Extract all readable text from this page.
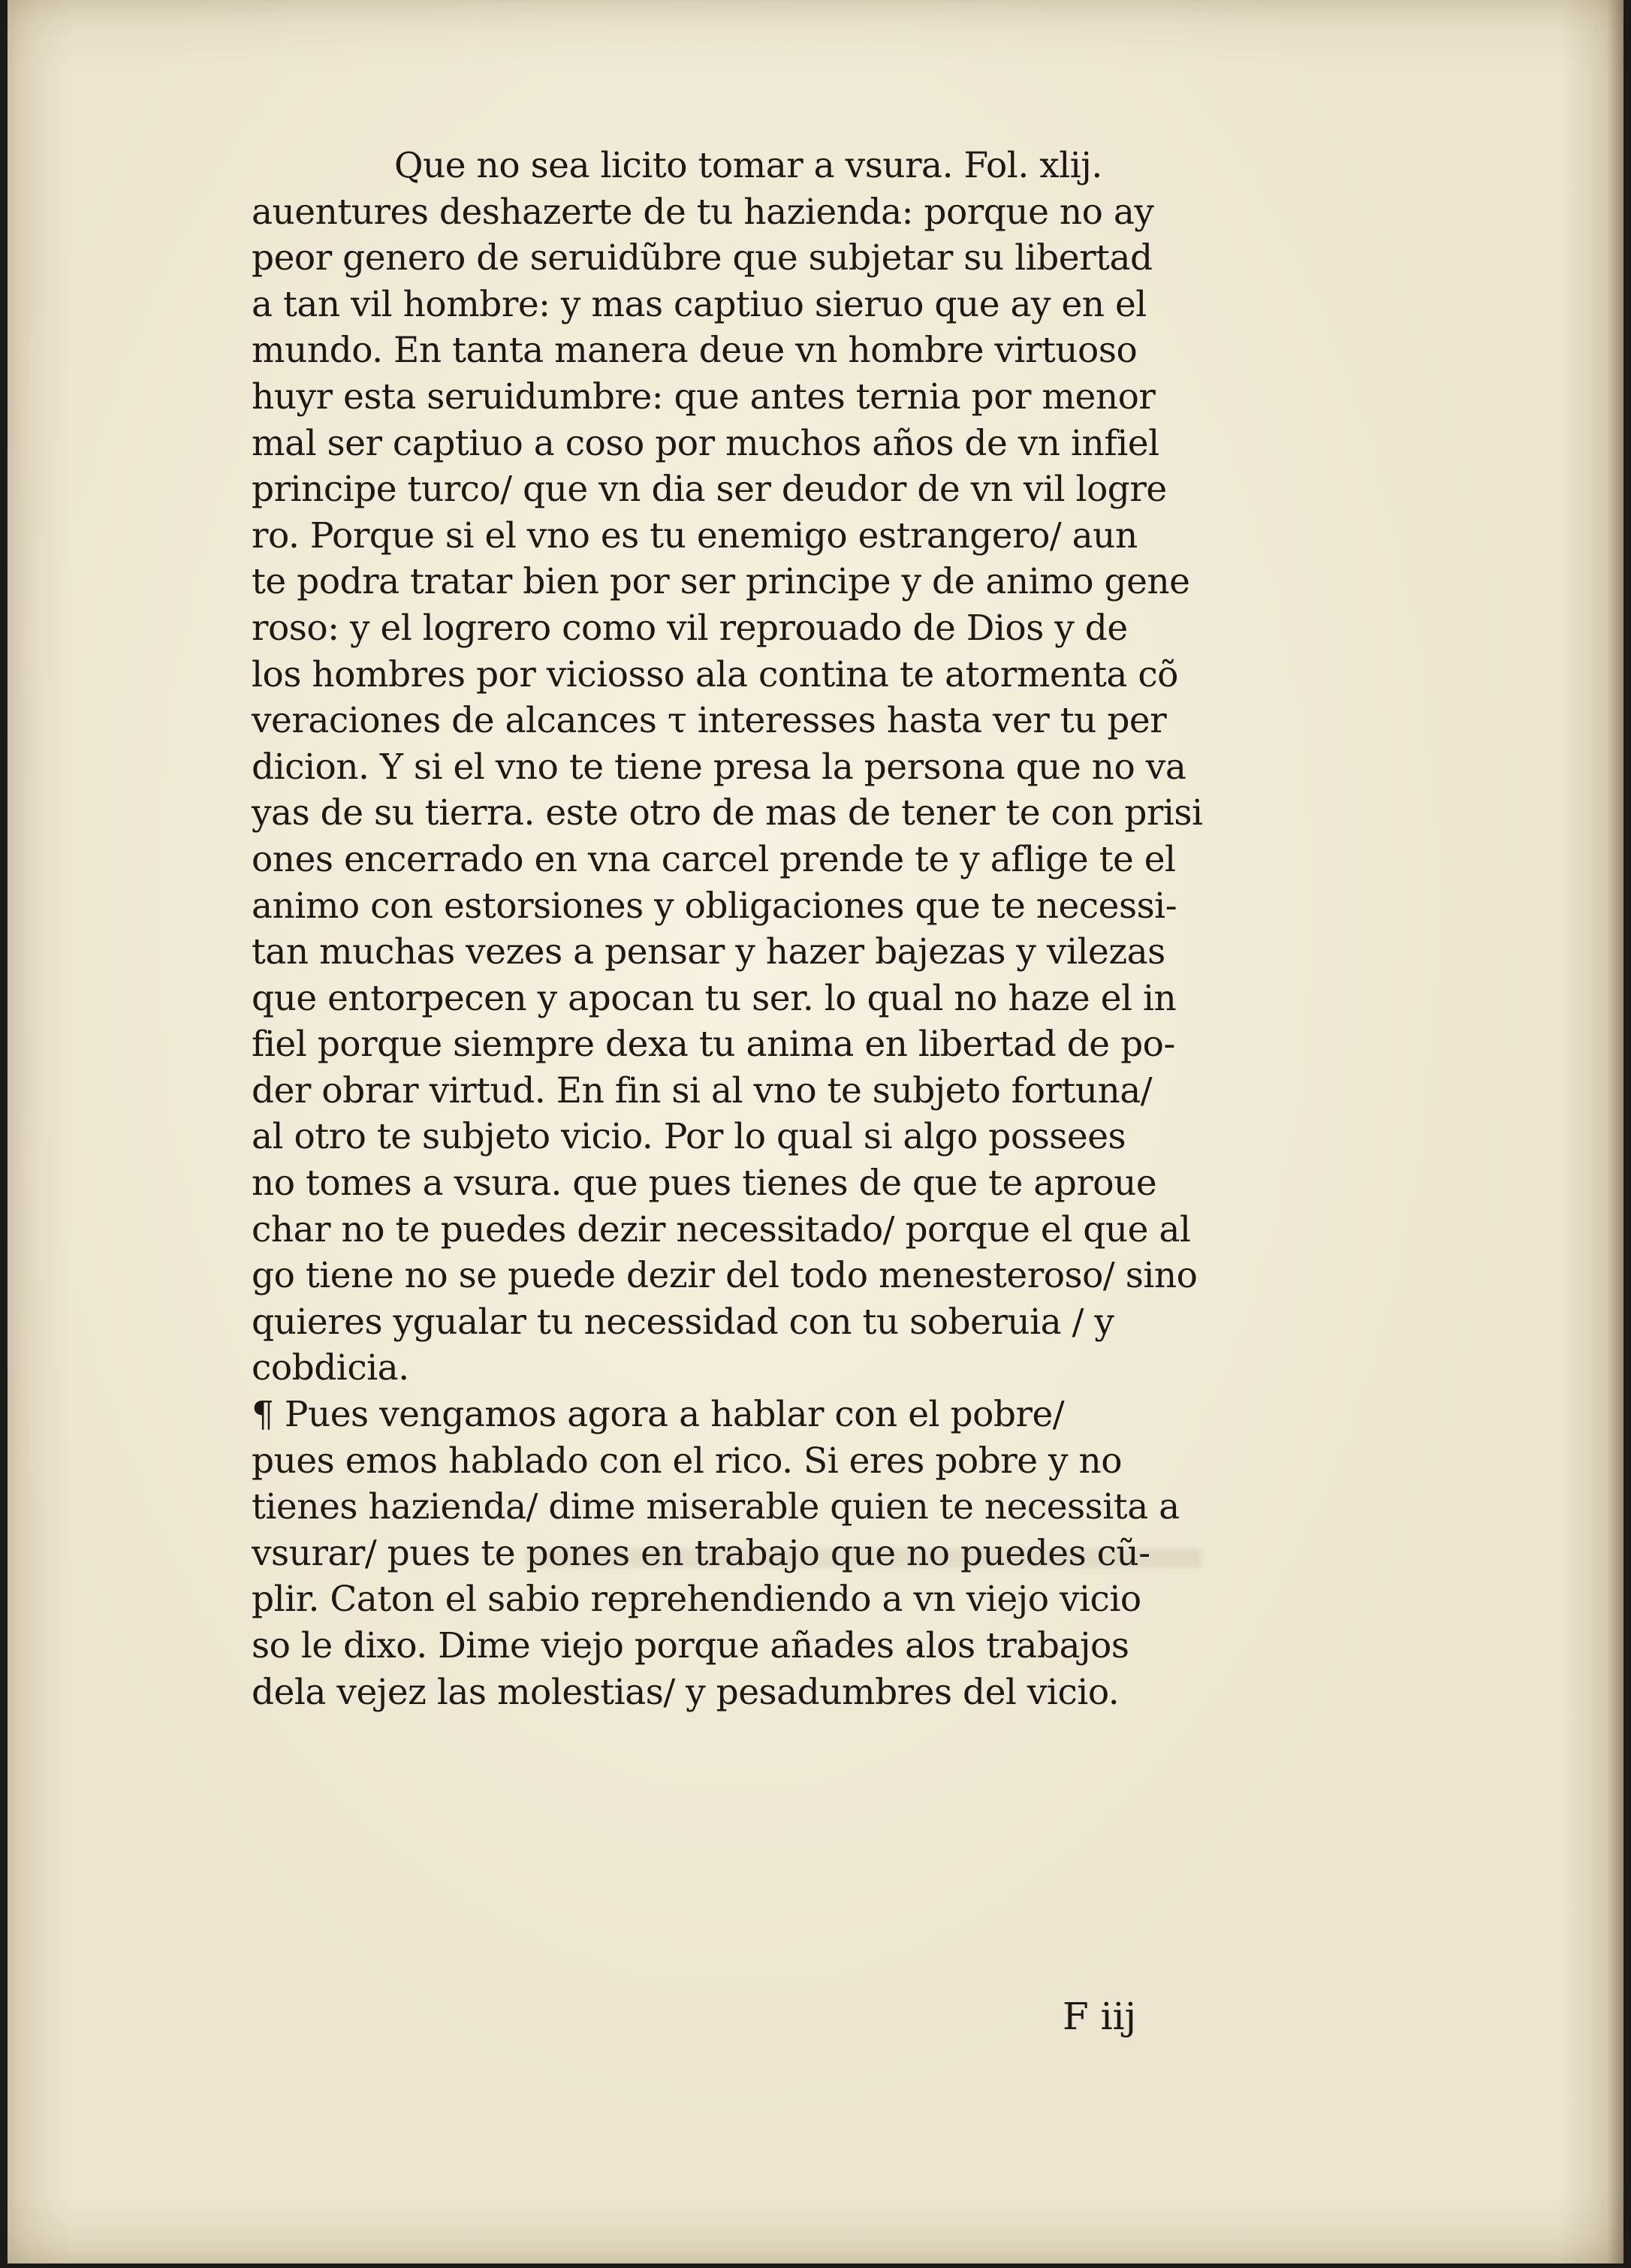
Que no sea licito tomar a vsura. Fol. xlij.
auentures deshazerte de tu hazienda: porque no ay
peor genero de seruidũbre que subjetar su libertad
a tan vil hombre: y mas captiuo sieruo que ay en el
mundo. En tanta manera deue vn hombre virtuoso
huyr esta seruidumbre: que antes ternia por menor
mal ser captiuo a coso por muchos años de vn infiel
principe turco/ que vn dia ser deudor de vn vil logre
ro. Porque si el vno es tu enemigo estrangero/ aun
te podra tratar bien por ser principe y de animo gene
roso: y el logrero como vil reprouado de Dios y de
los hombres por viciosso ala contina te atormenta cõ
veraciones de alcances τ interesses hasta ver tu per
dicion. Y si el vno te tiene presa la persona que no va
yas de su tierra. este otro de mas de tener te con prisi
ones encerrado en vna carcel prende te y aflige te el
animo con estorsiones y obligaciones que te necessi-
tan muchas vezes a pensar y hazer bajezas y vilezas
que entorpecen y apocan tu ser. lo qual no haze el in
fiel porque siempre dexa tu anima en libertad de po-
der obrar virtud. En fin si al vno te subjeto fortuna/
al otro te subjeto vicio. Por lo qual si algo possees
no tomes a vsura. que pues tienes de que te aproue
char no te puedes dezir necessitado/ porque el que al
go tiene no se puede dezir del todo menesteroso/ sino
quieres ygualar tu necessidad con tu soberuia / y
cobdicia.
¶ Pues vengamos agora a hablar con el pobre/
pues emos hablado con el rico. Si eres pobre y no
tienes hazienda/ dime miserable quien te necessita a
vsurar/ pues te pones en trabajo que no puedes cũ-
plir. Caton el sabio reprehendiendo a vn viejo vicio
so le dixo. Dime viejo porque añades alos trabajos
dela vejez las molestias/ y pesadumbres del vicio.
F iij
